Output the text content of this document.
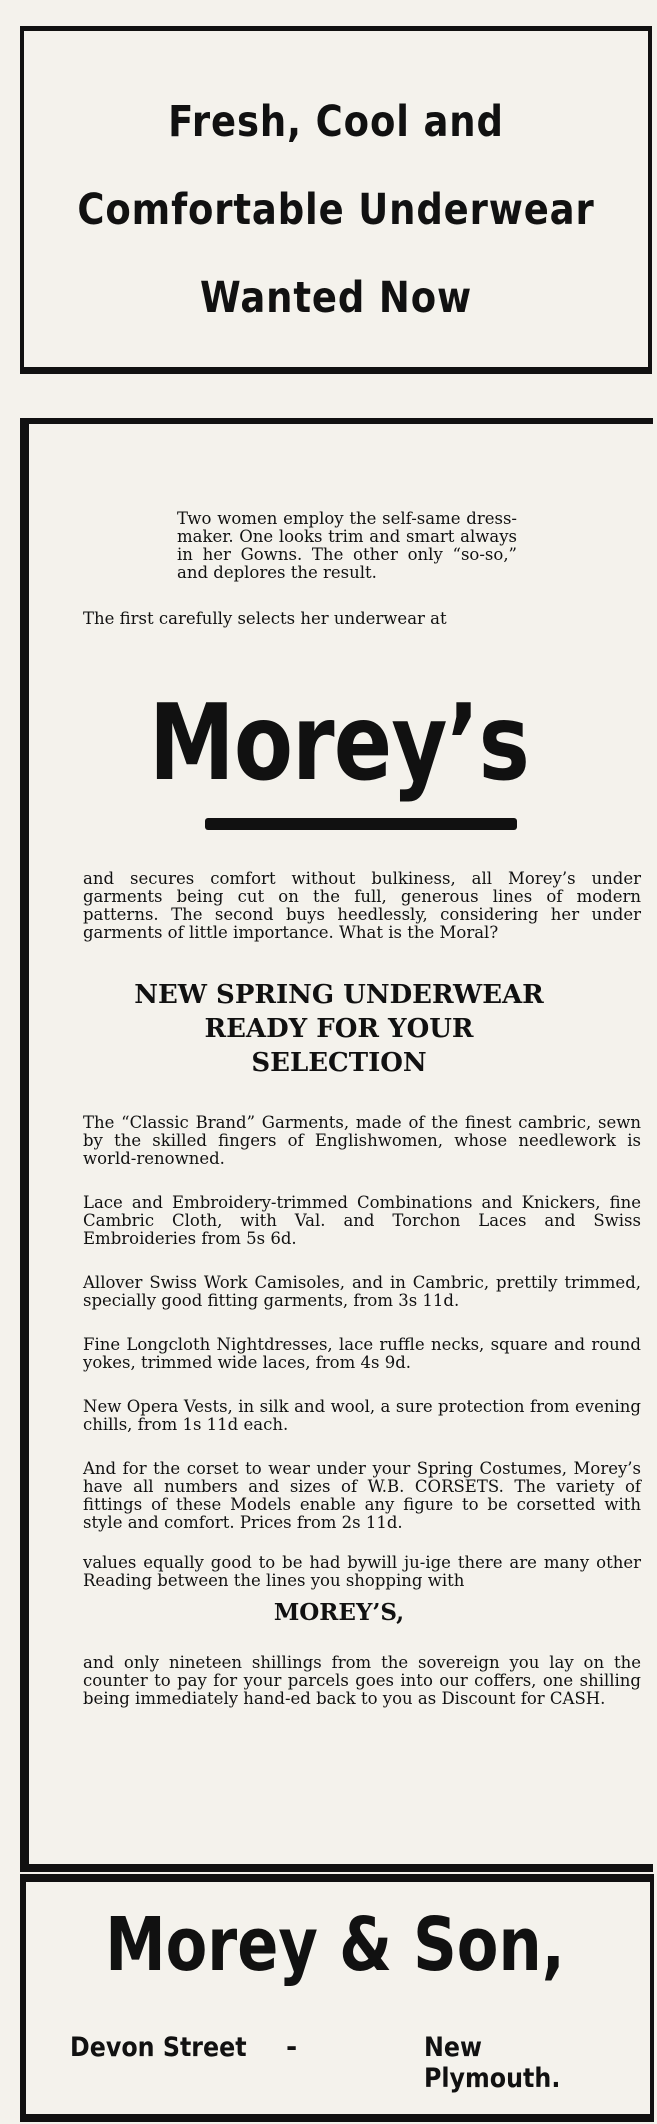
Fresh, Cool and
Comfortable Underwear
Wanted Now

Two women employ the self-same dress-maker. One looks trim and smart always in her Gowns. The other only “so-so,” and deplores the result.

The first carefully selects her underwear at

Morey’s

and secures comfort without bulkiness, all Morey’s under garments being cut on the full, generous lines of modern patterns. The second buys heedlessly, considering her under garments of little importance. What is the Moral?

NEW SPRING UNDERWEAR

READY FOR YOUR

SELECTION

The “Classic Brand” Garments, made of the finest cambric, sewn by the skilled fingers of Englishwomen, whose needlework is world-renowned.

Lace and Embroidery-trimmed Combinations and Knickers, fine Cambric Cloth, with Val. and Torchon Laces and Swiss Embroideries from 5s 6d.

Allover Swiss Work Camisoles, and in Cambric, prettily trimmed, specially good fitting garments, from 3s 11d.

Fine Longcloth Nightdresses, lace ruffle necks, square and round yokes, trimmed wide laces, from 4s 9d.

New Opera Vests, in silk and wool, a sure protection from evening chills, from 1s 11d each.

And for the corset to wear under your Spring Costumes, Morey’s have all numbers and sizes of W.B. CORSETS. The variety of fittings of these Models enable any figure to be corsetted with style and comfort. Prices from 2s 11d.

values equally good to be had bywill ju-ige there are many other Reading between the lines you shopping with

MOREY’S,

and only nineteen shillings from the sovereign you lay on the counter to pay for your parcels goes into our coffers, one shilling being immediately hand-ed back to you as Discount for CASH.

Morey & Son,
Devon Street -	New Plymouth.
